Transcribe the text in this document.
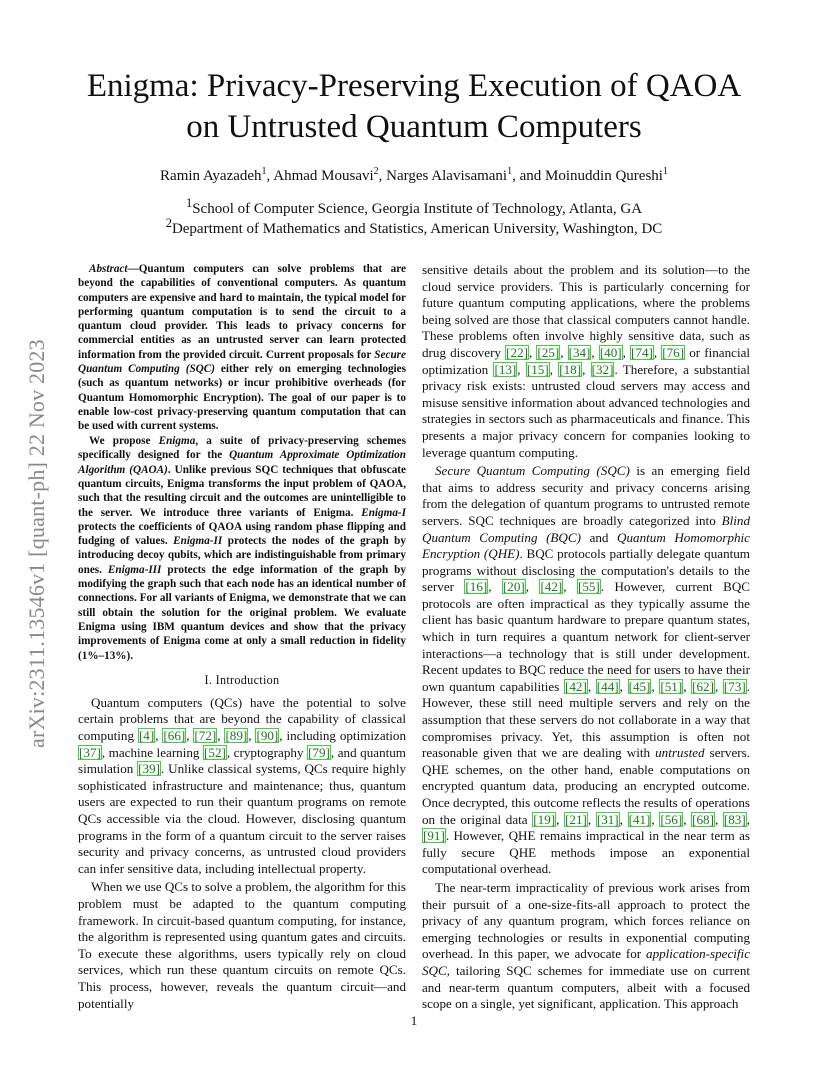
Enigma: Privacy-Preserving Execution of QAOA
on Untrusted Quantum Computers
Ramin Ayazadeh$^1$, Ahmad Mousavi$^2$, Narges Alavisamani$^1$, and Moinuddin Qureshi$^1$
$^1$School of Computer Science, Georgia Institute of Technology, Atlanta, GA
$^2$Department of Mathematics and Statistics, American University, Washington, DC
arXiv:2311.13546v1 [quant-ph] 22 Nov 2023

Abstract—Quantum computers can solve problems that are beyond the capabilities of conventional computers. As quantum computers are expensive and hard to maintain, the typical model for performing quantum computation is to send the circuit to a quantum cloud provider. This leads to privacy concerns for commercial entities as an untrusted server can learn protected information from the provided circuit. Current proposals for Secure Quantum Computing (SQC) either rely on emerging technologies (such as quantum networks) or incur prohibitive overheads (for Quantum Homomorphic Encryption). The goal of our paper is to enable low-cost privacy-preserving quantum computation that can be used with current systems.

We propose Enigma, a suite of privacy-preserving schemes specifically designed for the Quantum Approximate Optimization Algorithm (QAOA). Unlike previous SQC techniques that obfuscate quantum circuits, Enigma transforms the input problem of QAOA, such that the resulting circuit and the outcomes are unintelligible to the server. We introduce three variants of Enigma. Enigma-I protects the coefficients of QAOA using random phase flipping and fudging of values. Enigma-II protects the nodes of the graph by introducing decoy qubits, which are indistinguishable from primary ones. Enigma-III protects the edge information of the graph by modifying the graph such that each node has an identical number of connections. For all variants of Enigma, we demonstrate that we can still obtain the solution for the original problem. We evaluate Enigma using IBM quantum devices and show that the privacy improvements of Enigma come at only a small reduction in fidelity (1%–13%).

I. Introduction

Quantum computers (QCs) have the potential to solve certain problems that are beyond the capability of classical computing [4], [66], [72], [89], [90], including optimization [37], machine learning [52], cryptography [79], and quantum simulation [39]. Unlike classical systems, QCs require highly sophisticated infrastructure and maintenance; thus, quantum users are expected to run their quantum programs on remote QCs accessible via the cloud. However, disclosing quantum programs in the form of a quantum circuit to the server raises security and privacy concerns, as untrusted cloud providers can infer sensitive data, including intellectual property.

When we use QCs to solve a problem, the algorithm for this problem must be adapted to the quantum computing framework. In circuit-based quantum computing, for instance, the algorithm is represented using quantum gates and circuits. To execute these algorithms, users typically rely on cloud services, which run these quantum circuits on remote QCs. This process, however, reveals the quantum circuit—and potentially

sensitive details about the problem and its solution—to the cloud service providers. This is particularly concerning for future quantum computing applications, where the problems being solved are those that classical computers cannot handle. These problems often involve highly sensitive data, such as drug discovery [22], [25], [34], [40], [74], [76] or financial optimization [13], [15], [18], [32]. Therefore, a substantial privacy risk exists: untrusted cloud servers may access and misuse sensitive information about advanced technologies and strategies in sectors such as pharmaceuticals and finance. This presents a major privacy concern for companies looking to leverage quantum computing.

Secure Quantum Computing (SQC) is an emerging field that aims to address security and privacy concerns arising from the delegation of quantum programs to untrusted remote servers. SQC techniques are broadly categorized into Blind Quantum Computing (BQC) and Quantum Homomorphic Encryption (QHE). BQC protocols partially delegate quantum programs without disclosing the computation's details to the server [16], [20], [42], [55]. However, current BQC protocols are often impractical as they typically assume the client has basic quantum hardware to prepare quantum states, which in turn requires a quantum network for client-server interactions—a technology that is still under development. Recent updates to BQC reduce the need for users to have their own quantum capabilities [42], [44], [45], [51], [62], [73]. However, these still need multiple servers and rely on the assumption that these servers do not collaborate in a way that compromises privacy. Yet, this assumption is often not reasonable given that we are dealing with untrusted servers. QHE schemes, on the other hand, enable computations on encrypted quantum data, producing an encrypted outcome. Once decrypted, this outcome reflects the results of operations on the original data [19], [21], [31], [41], [56], [68], [83], [91]. However, QHE remains impractical in the near term as fully secure QHE methods impose an exponential computational overhead.

The near-term impracticality of previous work arises from their pursuit of a one-size-fits-all approach to protect the privacy of any quantum program, which forces reliance on emerging technologies or results in exponential computing overhead. In this paper, we advocate for application-specific SQC, tailoring SQC schemes for immediate use on current and near-term quantum computers, albeit with a focused scope on a single, yet significant, application. This approach

1
